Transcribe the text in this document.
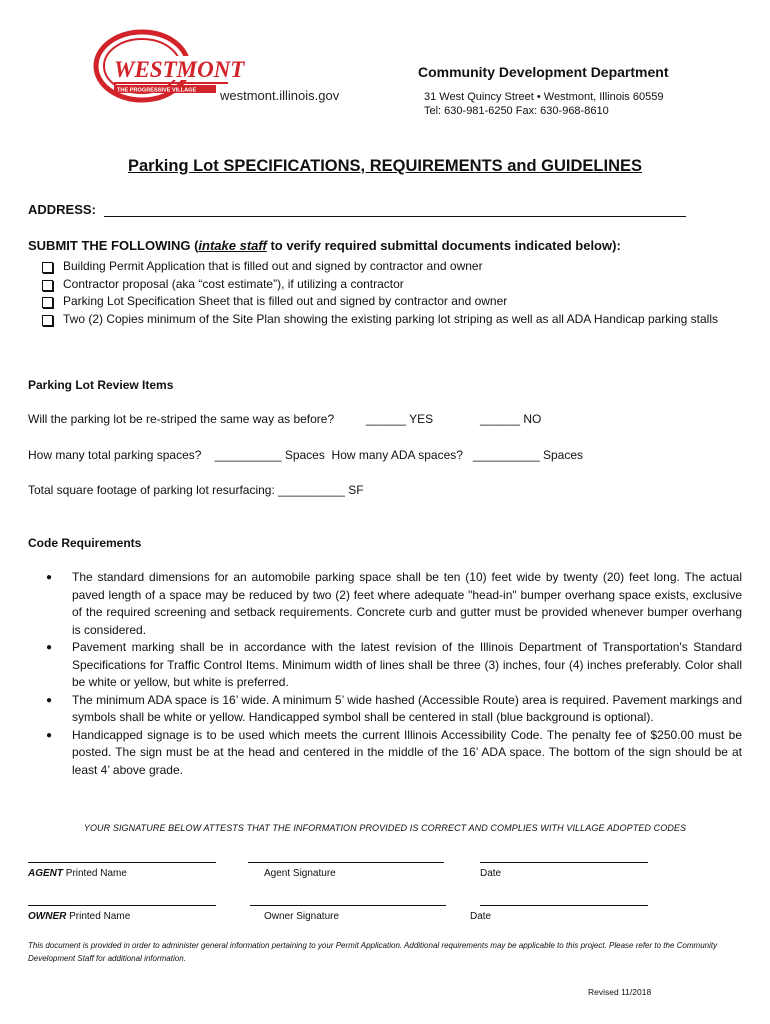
WESTMONT
THE PROGRESSIVE VILLAGE westmont.illinois.gov
Community Development Department
31 West Quincy Street • Westmont, Illinois 60559
Tel: 630-981-6250 Fax: 630-968-8610
Parking Lot SPECIFICATIONS, REQUIREMENTS and GUIDELINES
ADDRESS:
SUBMIT THE FOLLOWING (intake staff to verify required submittal documents indicated below):
Building Permit Application that is filled out and signed by contractor and owner
Contractor proposal (aka “cost estimate”), if utilizing a contractor
Parking Lot Specification Sheet that is filled out and signed by contractor and owner
Two (2) Copies minimum of the Site Plan showing the existing parking lot striping as well as all ADA Handicap parking stalls
Parking Lot Review Items
Will the parking lot be re-striped the same way as before?	______ YES	______ NO
How many total parking spaces?    __________ Spaces  How many ADA spaces?   __________ Spaces
Total square footage of parking lot resurfacing: __________ SF
Code Requirements
●	The standard dimensions for an automobile parking space shall be ten (10) feet wide by twenty (20) feet long. The actual paved length of a space may be reduced by two (2) feet where adequate "head-in" bumper overhang space exists, exclusive of the required screening and setback requirements. Concrete curb and gutter must be provided whenever bumper overhang is considered.
●	Pavement marking shall be in accordance with the latest revision of the Illinois Department of Transportation's Standard Specifications for Traffic Control Items. Minimum width of lines shall be three (3) inches, four (4) inches preferably. Color shall be white or yellow, but white is preferred.
●	The minimum ADA space is 16’ wide. A minimum 5’ wide hashed (Accessible Route) area is required. Pavement markings and symbols shall be white or yellow. Handicapped symbol shall be centered in stall (blue background is optional).
●	Handicapped signage is to be used which meets the current Illinois Accessibility Code. The penalty fee of $250.00 must be posted. The sign must be at the head and centered in the middle of the 16’ ADA space. The bottom of the sign should be at least 4’ above grade.
YOUR SIGNATURE BELOW ATTESTS THAT THE INFORMATION PROVIDED IS CORRECT AND COMPLIES WITH VILLAGE ADOPTED CODES
AGENT Printed Name	Agent Signature	Date
OWNER Printed Name	Owner Signature	Date
This document is provided in order to administer general information pertaining to your Permit Application. Additional requirements may be applicable to this project. Please refer to the Community Development Staff for additional information.
Revised 11/2018
